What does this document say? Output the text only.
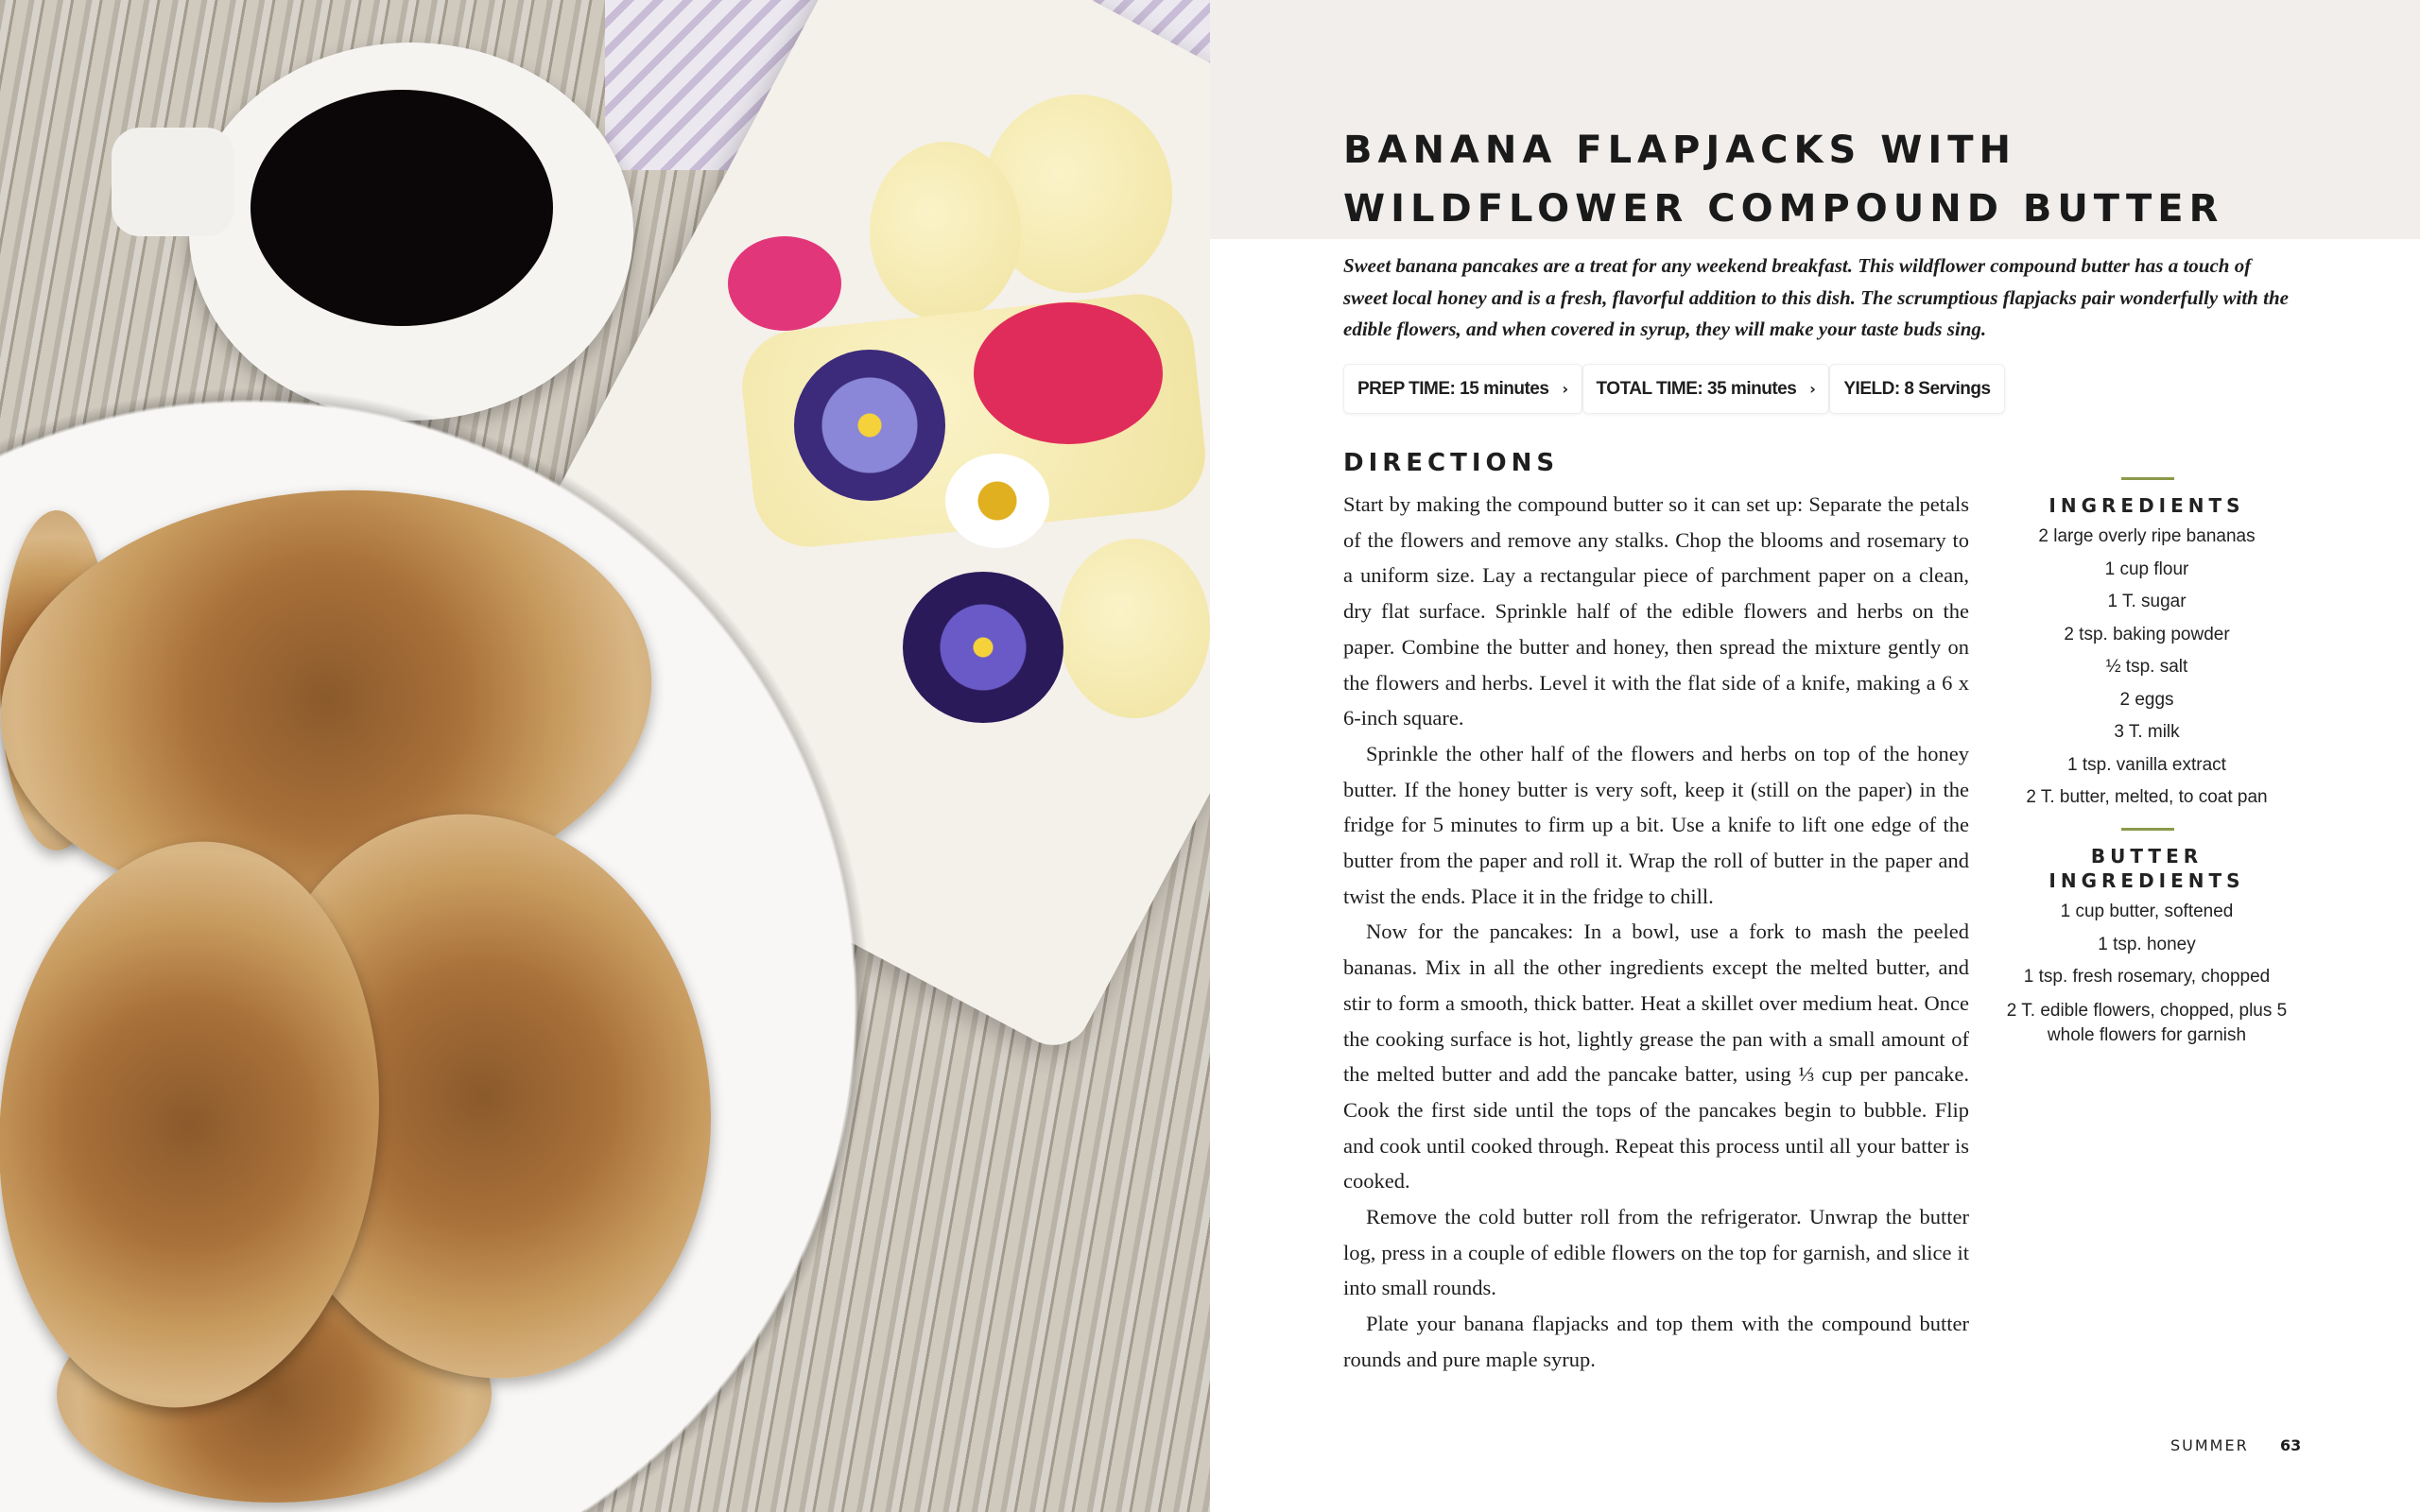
BANANA FLAPJACKS WITH
WILDFLOWER COMPOUND BUTTER

Sweet banana pancakes are a treat for any weekend breakfast. This wildflower compound butter has a touch of sweet local honey and is a fresh, flavorful addition to this dish. The scrumptious flapjacks pair wonderfully with the edible flowers, and when covered in syrup, they will make your taste buds sing.

PREP TIME: 15 minutes › TOTAL TIME: 35 minutes › YIELD: 8 Servings
DIRECTIONS

Start by making the compound butter so it can set up: Separate the petals of the flowers and remove any stalks. Chop the blooms and rosemary to a uniform size. Lay a rectangular piece of parchment paper on a clean, dry flat surface. Sprinkle half of the edible flowers and herbs on the paper. Combine the butter and honey, then spread the mixture gently on the flowers and herbs. Level it with the flat side of a knife, making a 6 x 6-inch square.

Sprinkle the other half of the flowers and herbs on top of the honey butter. If the honey butter is very soft, keep it (still on the paper) in the fridge for 5 minutes to firm up a bit. Use a knife to lift one edge of the butter from the paper and roll it. Wrap the roll of butter in the paper and twist the ends. Place it in the fridge to chill.

Now for the pancakes: In a bowl, use a fork to mash the peeled bananas. Mix in all the other ingredients except the melted butter, and stir to form a smooth, thick batter. Heat a skillet over medium heat. Once the cooking surface is hot, lightly grease the pan with a small amount of the melted butter and add the pancake batter, using ⅓ cup per pancake. Cook the first side until the tops of the pancakes begin to bubble. Flip and cook until cooked through. Repeat this process until all your batter is cooked.

Remove the cold butter roll from the refrigerator. Unwrap the butter log, press in a couple of edible flowers on the top for garnish, and slice it into small rounds.

Plate your banana flapjacks and top them with the compound butter rounds and pure maple syrup.

INGREDIENTS
2 large overly ripe bananas
1 cup flour
1 T. sugar
2 tsp. baking powder
½ tsp. salt
2 eggs
3 T. milk
1 tsp. vanilla extract
2 T. butter, melted, to coat pan
BUTTER
INGREDIENTS
1 cup butter, softened
1 tsp. honey
1 tsp. fresh rosemary, chopped
2 T. edible flowers, chopped, plus 5 whole flowers for garnish
SUMMER 63
